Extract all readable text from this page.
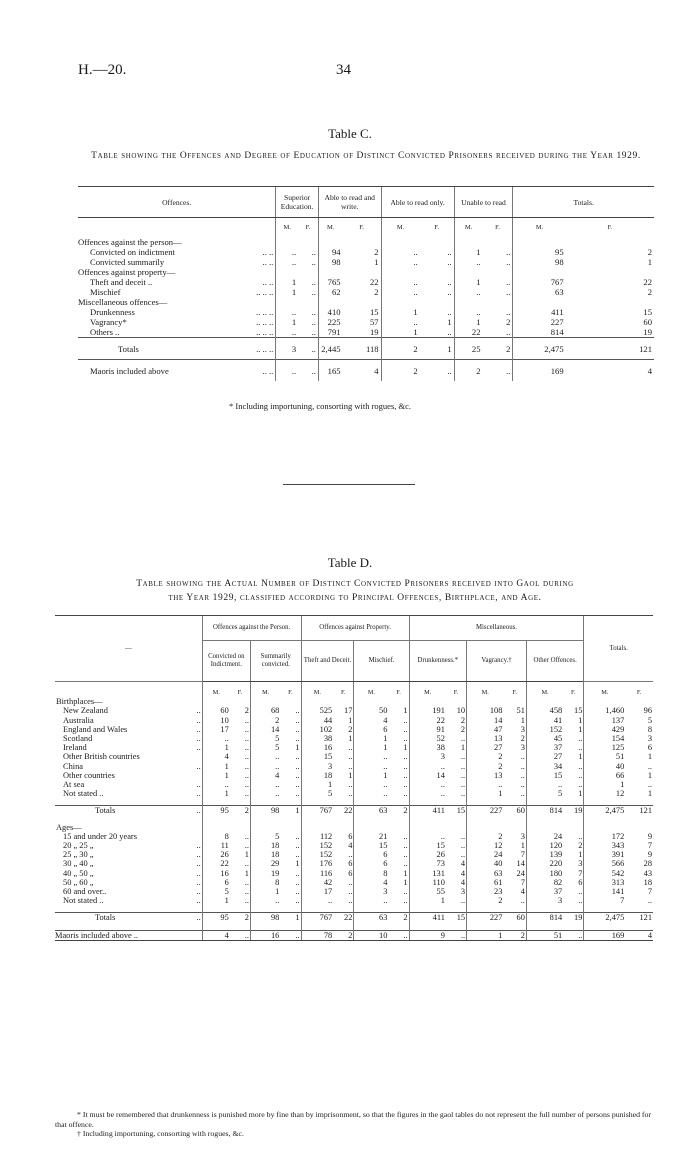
H.—20.	34
Table C.
Table showing the Offences and Degree of Education of Distinct Convicted Prisoners received during the Year 1929.
Offences.	Superior Education.		Able to read and write.		Able to read only.		Unable to read		Totals.	
	M.	F.	M.	F.	M.	F.	M.	F.	M.	F.
Offences against the person—										
Convicted on indictment .. ..	..	..	94	2	..	..	1	..	95	2
Convicted summarily .. ..	..	..	98	1	..	..	..	..	98	1
Offences against property—										
Theft and deceit .. .. ..	1	..	765	22	..	..	1	..	767	22
Mischief .. .. ..	1	..	62	2	..	..	..	..	63	2
Miscellaneous offences—										
Drunkenness .. .. ..	..	..	410	15	1	..	..	..	411	15
Vagrancy* .. .. ..	1	..	225	57	..	1	1	2	227	60
Others .. .. .. ..	..	..	791	19	1	..	22	..	814	19
Totals .. .. ..	3	..	2,445	118	2	1	25	2	2,475	121
Maoris included above .. ..	..	..	165	4	2	..	2	..	169	4
* Including importuning, consorting with rogues, &c.
Table D.
Table showing the Actual Number of Distinct Convicted Prisoners received into Gaol during
the Year 1929, classified according to Principal Offences, Birthplace, and Age.
—	Offences against the Person.				Offences against Property.				Miscellaneous.						Totals.	
	Convicted on Indictment.		Summarily convicted.		Theft and Deceit.		Mischief.		Drunkenness.*		Vagrancy.†		Other Offences.			
	M.	F.	M.	F.	M.	F.	M.	F.	M.	F.	M.	F.	M.	F.	M.	F.
Birthplaces—																
New Zealand ..	60	2	68	..	525	17	50	1	191	10	108	51	458	15	1,460	96
Australia ..	10	..	2	..	44	1	4	..	22	2	14	1	41	1	137	5
England and Wales ..	17	..	14	..	102	2	6	..	91	2	47	3	152	1	429	8
Scotland ..	..	..	5	..	38	1	1	..	52	..	13	2	45	..	154	3
Ireland ..	1	..	5	1	16	..	1	1	38	1	27	3	37	..	125	6
Other British countries	4	..	..	..	15	..	..	..	3	..	2	..	27	1	51	1
China ..	1	..	..	..	3	..	..	..	..	..	2	..	34	..	40	..
Other countries	1	..	4	..	18	1	1	..	14	..	13	..	15	..	66	1
At sea ..	..	..	..	..	1	..	..	..	..	..	..	..	..	..	1	..
Not stated .. ..	1	..	..	..	5	..	..	..	..	..	1	..	5	1	12	1

Totals ..	95	2	98	1	767	22	63	2	411	15	227	60	814	19	2,475	121

Ages—																
15 and under 20 years	8	..	5	..	112	6	21	..	..	..	2	3	24	..	172	9
20 „ 25 „ ..	11	..	18	..	152	4	15	..	15	..	12	1	120	2	343	7
25 „ 30 „ ..	26	1	18	..	152	..	6	..	26	..	24	7	139	1	391	9
30 „ 40 „ ..	22	..	29	1	176	6	6	..	73	4	40	14	220	3	566	28
40 „ 50 „ ..	16	1	19	..	116	6	8	1	131	4	63	24	180	7	542	43
50 „ 60 „ ..	6	..	8	..	42	..	4	1	110	4	61	7	82	6	313	18
60 and over.. ..	5	..	1	..	17	..	3	..	55	3	23	4	37	..	141	7
Not stated .. ..	1	..	..	..	..	..	..	..	1	..	2	..	3	..	7	..

Totals ..	95	2	98	1	767	22	63	2	411	15	227	60	814	19	2,475	121

Maoris included above ..	4	..	16	..	78	2	10	..	9	..	1	2	51	..	169	4
* It must be remembered that drunkenness is punished more by fine than by imprisonment, so that the figures in the gaol tables do not represent the full number of persons punished for that offence.
† Including importuning, consorting with rogues, &c.
